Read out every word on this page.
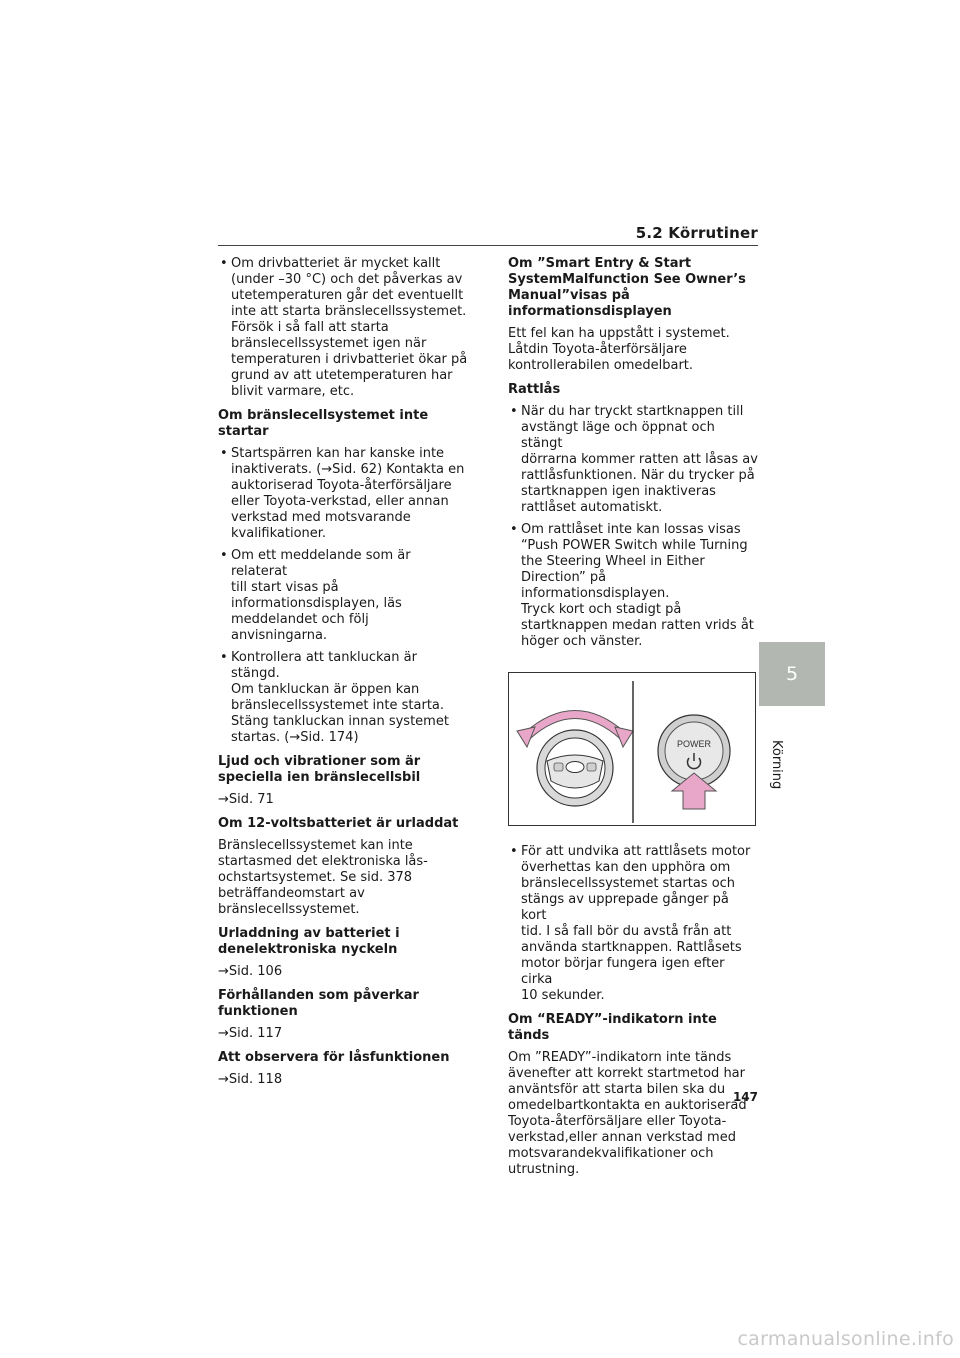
5.2 Körrutiner
• Om drivbatteriet är mycket kallt
(under –30 °C) och det påverkas av
utetemperaturen går det eventuellt
inte att starta bränslecellssystemet.
Försök i så fall att starta
bränslecellssystemet igen när
temperaturen i drivbatteriet ökar på
grund av att utetemperaturen har
blivit varmare, etc.
Om bränslecellsystemet inte startar
• Startspärren kan har kanske inte
inaktiverats. (→Sid. 62) Kontakta en
auktoriserad Toyota-återförsäljare
eller Toyota-verkstad, eller annan
verkstad med motsvarande
kvalifikationer.
• Om ett meddelande som är relaterat
till start visas på
informationsdisplayen, läs
meddelandet och följ anvisningarna.
• Kontrollera att tankluckan är stängd.
Om tankluckan är öppen kan
bränslecellssystemet inte starta.
Stäng tankluckan innan systemet
startas. (→Sid. 174)
Ljud och vibrationer som är speciella ien bränslecellsbil
→Sid. 71
Om 12-voltsbatteriet är urladdat
Bränslecellssystemet kan inte startasmed det elektroniska lås- ochstartsystemet. Se sid. 378 beträffandeomstart av bränslecellssystemet.
Urladdning av batteriet i denelektroniska nyckeln
→Sid. 106
Förhållanden som påverkar funktionen
→Sid. 117
Att observera för låsfunktionen
→Sid. 118
Om ”Smart Entry & Start SystemMalfunction See Owner’s Manual”visas på informationsdisplayen
Ett fel kan ha uppstått i systemet. Låtdin Toyota-återförsäljare kontrollerabilen omedelbart.
Rattlås
• När du har tryckt startknappen till
avstängt läge och öppnat och stängt
dörrarna kommer ratten att låsas av
rattlåsfunktionen. När du trycker på
startknappen igen inaktiveras
rattlåset automatiskt.
• Om rattlåset inte kan lossas visas
“Push POWER Switch while Turning
the Steering Wheel in Either
Direction” på informationsdisplayen.
Tryck kort och stadigt på
startknappen medan ratten vrids åt
höger och vänster.
POWER
• För att undvika att rattlåsets motor
överhettas kan den upphöra om
bränslecellssystemet startas och
stängs av upprepade gånger på kort
tid. I så fall bör du avstå från att
använda startknappen. Rattlåsets
motor börjar fungera igen efter cirka
10 sekunder.
Om “READY”-indikatorn inte tänds
Om ”READY”-indikatorn inte tänds ävenefter att korrekt startmetod har använtsför att starta bilen ska du omedelbartkontakta en auktoriserad Toyota-återförsäljare eller Toyota-verkstad,eller annan verkstad med motsvarandekvalifikationer och utrustning.
5
Körning
147
carmanualsonline.info
